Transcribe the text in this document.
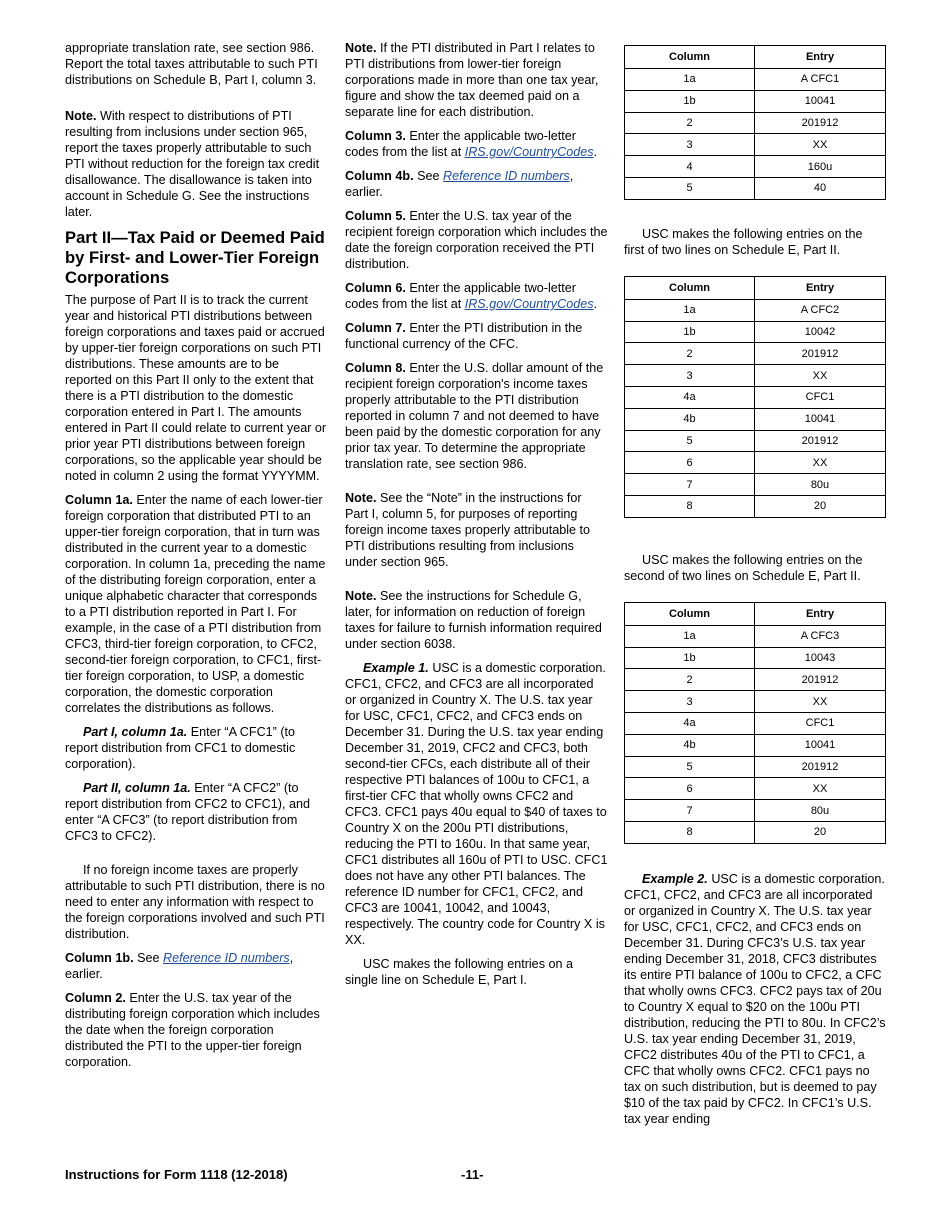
appropriate translation rate, see section 986. Report the total taxes attributable to such PTI distributions on Schedule B, Part I, column 3.

Note. With respect to distributions of PTI resulting from inclusions under section 965, report the taxes properly attributable to such PTI without reduction for the foreign tax credit disallowance. The disallowance is taken into account in Schedule G. See the instructions later.

Part II—Tax Paid or Deemed Paid by First- and Lower-Tier Foreign Corporations

The purpose of Part II is to track the current year and historical PTI distributions between foreign corporations and taxes paid or accrued by upper-tier foreign corporations on such PTI distributions. These amounts are to be reported on this Part II only to the extent that there is a PTI distribution to the domestic corporation entered in Part I. The amounts entered in Part II could relate to current year or prior year PTI distributions between foreign corporations, so the applicable year should be noted in column 2 using the format YYYYMM.

Column 1a. Enter the name of each lower-tier foreign corporation that distributed PTI to an upper-tier foreign corporation, that in turn was distributed in the current year to a domestic corporation. In column 1a, preceding the name of the distributing foreign corporation, enter a unique alphabetic character that corresponds to a PTI distribution reported in Part I. For example, in the case of a PTI distribution from CFC3, third-tier foreign corporation, to CFC2, second-tier foreign corporation, to CFC1, first-tier foreign corporation, to USP, a domestic corporation, the domestic corporation correlates the distributions as follows.

Part I, column 1a. Enter “A CFC1” (to report distribution from CFC1 to domestic corporation).

Part II, column 1a. Enter “A CFC2” (to report distribution from CFC2 to CFC1), and enter “A CFC3” (to report distribution from CFC3 to CFC2).

If no foreign income taxes are properly attributable to such PTI distribution, there is no need to enter any information with respect to the foreign corporations involved and such PTI distribution.

Column 1b. See Reference ID numbers, earlier.

Column 2. Enter the U.S. tax year of the distributing foreign corporation which includes the date when the foreign corporation distributed the PTI to the upper-tier foreign corporation.

Note. If the PTI distributed in Part I relates to PTI distributions from lower-tier foreign corporations made in more than one tax year, figure and show the tax deemed paid on a separate line for each distribution.

Column 3. Enter the applicable two-letter codes from the list at IRS.gov/CountryCodes.

Column 4b. See Reference ID numbers, earlier.

Column 5. Enter the U.S. tax year of the recipient foreign corporation which includes the date the foreign corporation received the PTI distribution.

Column 6. Enter the applicable two-letter codes from the list at IRS.gov/CountryCodes.

Column 7. Enter the PTI distribution in the functional currency of the CFC.

Column 8. Enter the U.S. dollar amount of the recipient foreign corporation's income taxes properly attributable to the PTI distribution reported in column 7 and not deemed to have been paid by the domestic corporation for any prior tax year. To determine the appropriate translation rate, see section 986.

Note. See the “Note” in the instructions for Part I, column 5, for purposes of reporting foreign income taxes properly attributable to PTI distributions resulting from inclusions under section 965.

Note. See the instructions for Schedule G, later, for information on reduction of foreign taxes for failure to furnish information required under section 6038.

Example 1. USC is a domestic corporation. CFC1, CFC2, and CFC3 are all incorporated or organized in Country X. The U.S. tax year for USC, CFC1, CFC2, and CFC3 ends on December 31. During the U.S. tax year ending December 31, 2019, CFC2 and CFC3, both second-tier CFCs, each distribute all of their respective PTI balances of 100u to CFC1, a first-tier CFC that wholly owns CFC2 and CFC3. CFC1 pays 40u equal to $40 of taxes to Country X on the 200u PTI distributions, reducing the PTI to 160u. In that same year, CFC1 distributes all 160u of PTI to USC. CFC1 does not have any other PTI balances. The reference ID number for CFC1, CFC2, and CFC3 are 10041, 10042, and 10043, respectively. The country code for Country X is XX.

USC makes the following entries on a single line on Schedule E, Part I.

Column	Entry
1a	A CFC1
1b	10041
2	201912
3	XX
4	160u
5	40

USC makes the following entries on the first of two lines on Schedule E, Part II.

Column	Entry
1a	A CFC2
1b	10042
2	201912
3	XX
4a	CFC1
4b	10041
5	201912
6	XX
7	80u
8	20

USC makes the following entries on the second of two lines on Schedule E, Part II.

Column	Entry
1a	A CFC3
1b	10043
2	201912
3	XX
4a	CFC1
4b	10041
5	201912
6	XX
7	80u
8	20

Example 2. USC is a domestic corporation. CFC1, CFC2, and CFC3 are all incorporated or organized in Country X. The U.S. tax year for USC, CFC1, CFC2, and CFC3 ends on December 31. During CFC3’s U.S. tax year ending December 31, 2018, CFC3 distributes its entire PTI balance of 100u to CFC2, a CFC that wholly owns CFC3. CFC2 pays tax of 20u to Country X equal to $20 on the 100u PTI distribution, reducing the PTI to 80u. In CFC2’s U.S. tax year ending December 31, 2019, CFC2 distributes 40u of the PTI to CFC1, a CFC that wholly owns CFC2. CFC1 pays no tax on such distribution, but is deemed to pay $10 of the tax paid by CFC2. In CFC1’s U.S. tax year ending

Instructions for Form 1118 (12-2018)	-11-
